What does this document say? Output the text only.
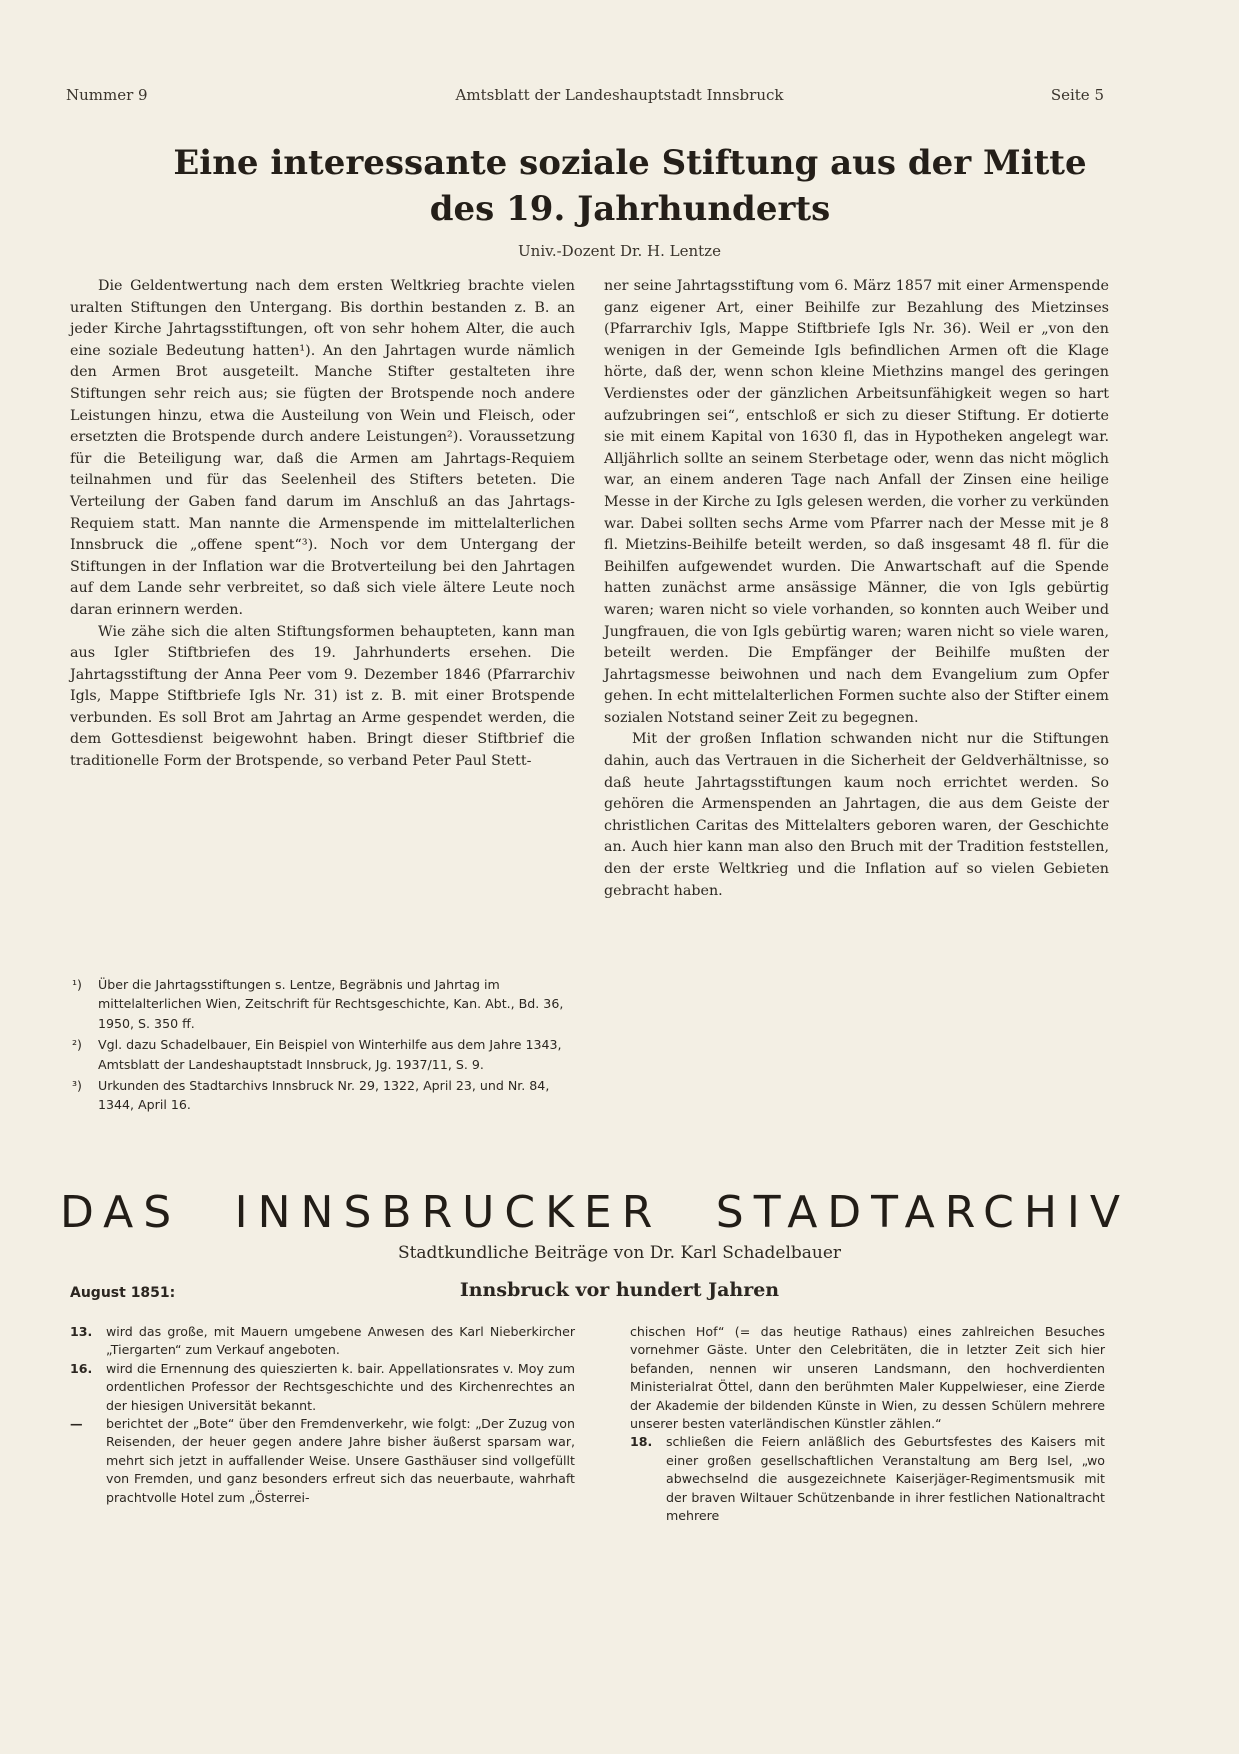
Nummer 9	Amtsblatt der Landeshauptstadt Innsbruck	Seite 5
Eine interessante soziale Stiftung aus der Mitte des 19. Jahrhunderts
Univ.-Dozent Dr. H. Lentze

Die Geldentwertung nach dem ersten Weltkrieg brachte vielen uralten Stiftungen den Untergang. Bis dorthin bestanden z. B. an jeder Kirche Jahrtagsstiftungen, oft von sehr hohem Alter, die auch eine soziale Bedeutung hatten¹). An den Jahrtagen wurde nämlich den Armen Brot ausgeteilt. Manche Stifter gestalteten ihre Stiftungen sehr reich aus; sie fügten der Brotspende noch andere Leistungen hinzu, etwa die Austeilung von Wein und Fleisch, oder ersetzten die Brotspende durch andere Leistungen²). Voraussetzung für die Beteiligung war, daß die Armen am Jahrtags-Requiem teilnahmen und für das Seelenheil des Stifters beteten. Die Verteilung der Gaben fand darum im Anschluß an das Jahrtags-Requiem statt. Man nannte die Armenspende im mittelalterlichen Innsbruck die „offene spent“³). Noch vor dem Untergang der Stiftungen in der Inflation war die Brotverteilung bei den Jahrtagen auf dem Lande sehr verbreitet, so daß sich viele ältere Leute noch daran erinnern werden.

Wie zähe sich die alten Stiftungsformen behaupteten, kann man aus Igler Stiftbriefen des 19. Jahrhunderts ersehen. Die Jahrtagsstiftung der Anna Peer vom 9. Dezember 1846 (Pfarrarchiv Igls, Mappe Stiftbriefe Igls Nr. 31) ist z. B. mit einer Brotspende verbunden. Es soll Brot am Jahrtag an Arme gespendet werden, die dem Gottesdienst beigewohnt haben. Bringt dieser Stiftbrief die traditionelle Form der Brotspende, so verband Peter Paul Stett-

¹) Über die Jahrtagsstiftungen s. Lentze, Begräbnis und Jahrtag im mittelalterlichen Wien, Zeitschrift für Rechtsgeschichte, Kan. Abt., Bd. 36, 1950, S. 350 ff.
²) Vgl. dazu Schadelbauer, Ein Beispiel von Winterhilfe aus dem Jahre 1343, Amtsblatt der Landeshauptstadt Innsbruck, Jg. 1937/11, S. 9.
³) Urkunden des Stadtarchivs Innsbruck Nr. 29, 1322, April 23, und Nr. 84, 1344, April 16.

ner seine Jahrtagsstiftung vom 6. März 1857 mit einer Armenspende ganz eigener Art, einer Beihilfe zur Bezahlung des Mietzinses (Pfarrarchiv Igls, Mappe Stiftbriefe Igls Nr. 36). Weil er „von den wenigen in der Gemeinde Igls befindlichen Armen oft die Klage hörte, daß der, wenn schon kleine Miethzins mangel des geringen Verdienstes oder der gänzlichen Arbeitsunfähigkeit wegen so hart aufzubringen sei“, entschloß er sich zu dieser Stiftung. Er dotierte sie mit einem Kapital von 1630 fl, das in Hypotheken angelegt war. Alljährlich sollte an seinem Sterbetage oder, wenn das nicht möglich war, an einem anderen Tage nach Anfall der Zinsen eine heilige Messe in der Kirche zu Igls gelesen werden, die vorher zu verkünden war. Dabei sollten sechs Arme vom Pfarrer nach der Messe mit je 8 fl. Mietzins-Beihilfe beteilt werden, so daß insgesamt 48 fl. für die Beihilfen aufgewendet wurden. Die Anwartschaft auf die Spende hatten zunächst arme ansässige Männer, die von Igls gebürtig waren; waren nicht so viele vorhanden, so konnten auch Weiber und Jungfrauen, die von Igls gebürtig waren; waren nicht so viele waren, beteilt werden. Die Empfänger der Beihilfe mußten der Jahrtagsmesse beiwohnen und nach dem Evangelium zum Opfer gehen. In echt mittelalterlichen Formen suchte also der Stifter einem sozialen Notstand seiner Zeit zu begegnen.

Mit der großen Inflation schwanden nicht nur die Stiftungen dahin, auch das Vertrauen in die Sicherheit der Geldverhältnisse, so daß heute Jahrtagsstiftungen kaum noch errichtet werden. So gehören die Armenspenden an Jahrtagen, die aus dem Geiste der christlichen Caritas des Mittelalters geboren waren, der Geschichte an. Auch hier kann man also den Bruch mit der Tradition feststellen, den der erste Weltkrieg und die Inflation auf so vielen Gebieten gebracht haben.

DAS INNSBRUCKER STADTARCHIV
Stadtkundliche Beiträge von Dr. Karl Schadelbauer
August 1851:	Innsbruck vor hundert Jahren
13. wird das große, mit Mauern umgebene Anwesen des Karl Nieberkircher „Tiergarten“ zum Verkauf angeboten.
16. wird die Ernennung des quieszierten k. bair. Appellationsrates v. Moy zum ordentlichen Professor der Rechtsgeschichte und des Kirchenrechtes an der hiesigen Universität bekannt.
— berichtet der „Bote“ über den Fremdenverkehr, wie folgt: „Der Zuzug von Reisenden, der heuer gegen andere Jahre bisher äußerst sparsam war, mehrt sich jetzt in auffallender Weise. Unsere Gasthäuser sind vollgefüllt von Fremden, und ganz besonders erfreut sich das neuerbaute, wahrhaft prachtvolle Hotel zum „Österrei-
chischen Hof“ (= das heutige Rathaus) eines zahlreichen Besuches vornehmer Gäste. Unter den Celebritäten, die in letzter Zeit sich hier befanden, nennen wir unseren Landsmann, den hochverdienten Ministerialrat Öttel, dann den berühmten Maler Kuppelwieser, eine Zierde der Akademie der bildenden Künste in Wien, zu dessen Schülern mehrere unserer besten vaterländischen Künstler zählen.“
18. schließen die Feiern anläßlich des Geburtsfestes des Kaisers mit einer großen gesellschaftlichen Veranstaltung am Berg Isel, „wo abwechselnd die ausgezeichnete Kaiserjäger-Regimentsmusik mit der braven Wiltauer Schützenbande in ihrer festlichen Nationaltracht mehrere
